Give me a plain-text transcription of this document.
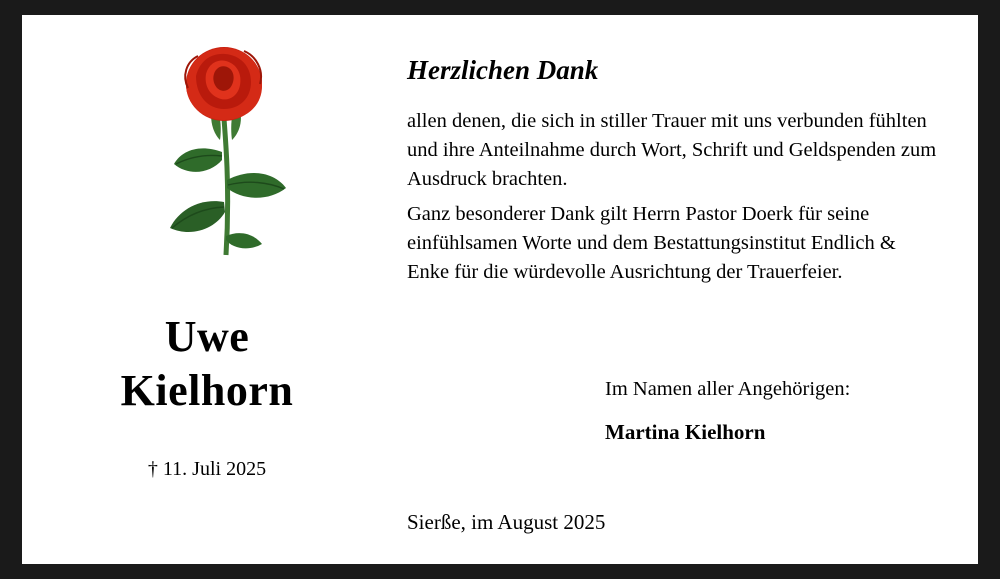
Uwe
Kielhorn
† 11. Juli 2025
Herzlichen Dank
allen denen, die sich in stiller Trauer mit uns verbunden fühlten und ihre Anteilnahme durch Wort, Schrift und Geldspenden zum Ausdruck brachten.
Ganz besonderer Dank gilt Herrn Pastor Doerk für seine einfühlsamen Worte und dem Bestattungsinstitut Endlich & Enke für die würdevolle Ausrichtung der Trauerfeier.
Im Namen aller Angehörigen:
Martina Kielhorn
Sierße, im August 2025
